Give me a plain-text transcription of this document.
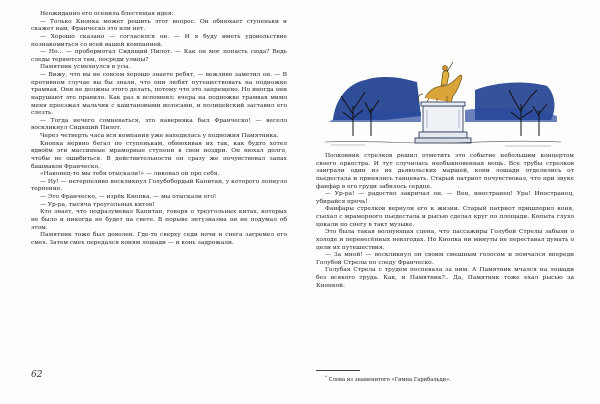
Неожиданно его осенила блестящая идея:

— Только Кнопка может решить этот вопрос. Он обнюхает ступеньки и скажет нам, Франческо это или нет.

— Хорошо сказано — согласился он. — И я буду иметь удовольствие познакомиться со всей вашей компанией.

— Но... — пробормотал Сидящий Пилот. — Как он мог попасть сюда? Ведь следы теряются там, посреди улицы?

Памятник усмехнулся в усы.

— Вижу, что вы не совсем хорошо знаете ребят, — вежливо заметил он. — В противном случае вы бы знали, что они любят путешествовать на подножке трамвая. Они не должны этого делать, потому что это запрещено. Но иногда они нарушают это правило. Как раз я вспомнил: вчера на подножке трамвая мимо меня проезжал мальчик с каштановыми волосами, и полицейский заставил его слезть.

— Тогда нечего сомневаться, это наверняка был Франческо! — весело воскликнул Сидящий Пилот.

Через четверть часа вся компания уже находилась у подножия Памятника.

Кнопка нервно бегал по ступенькам, обнюхивая их так, как будто хотел вдвоём эти массивные мраморные ступени в свои ноздри. Он нюхал долго, чтобы не ошибиться. В действительности он сразу же почувствовал запах башмаков Франческо.

«Наконец-то мы тебя отыскали!» — ликовал он про себя.

— Ну! — нетерпеливо воскликнул Голубобордый Капитан, у которого лопнуло терпение.

— Это Франческо, — изрёк Кнопка, — мы отыскали его!

— Ур-ра, тысяча треугольных китов!

Кто знает, что подразумевал Капитан, говоря о треугольных китах, которых не было и никогда не будет на свете. В порыве энтузиазма он не подумал об этом.

Памятник тоже был доволен. Где-то сверху седи ночи и снега загремел его смех. Затем смех передался коням лошади — и конь задрожали.

62

Полковник стрелков решил отметить это событие небольшим концертом своего оркестра. И тут случилась необыкновенная вещь. Все трубы стрелков заиграли один из их дьявольских маршей, кони лошади отделились от пьедестала и принялись танцевать. Старый патриот почувствовал, что при звуке фанфар в его груди забилось сердце.

— Ур-ра! — радостно закричал он. — Вон, иностранец! Ура! Иностранец, убирайся прочь!

Фанфары стрелков вернули его к жизни. Старый патриот пришпорил коня, съехал с мраморного пьедестала и рысью сделал круг по площади. Копыта глухо цокали по снегу в такт музыке.

Это была такая волнующая сцена, что пассажиры Голубой Стрелы забыли о холоде и перенесённых невзгодах. Но Кнопка ни минуты не переставал думать о цели их путешествия.

— За мной! — воскликнул он своим смешным голосом и помчался впереди Голубой Стрелы по следу Франческо.

Голубая Стрела с трудом поспевала за ним. А Памятник мчался на лошади без всякого труда. Как, и Памятник?.. Да, Памятник тоже ехал рысью за Кнопкой.

* Слова из знаменитого «Гимна Гарибальди».
